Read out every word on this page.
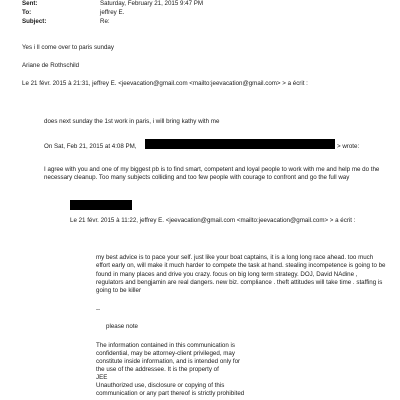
Sent:	Saturday, February 21, 2015 9:47 PM
To:	jeffrey E.
Subject:	Re:
Yes i ll come over to paris sunday
Ariane de Rothschild
Le 21 févr. 2015 à 21:31, jeffrey E. <jeevacation@gmail.com <mailto:jeevacation@gmail.com> > a écrit :
does next sunday the 1st work in paris, i will bring kathy with me
On Sat, Feb 21, 2015 at 4:08 PM,	> wrote:
I agree with you and one of my biggest pb is to find smart, competent and loyal people to work with me and help me do the necessary cleanup. Too many subjects colliding and too few people with courage to confront and go the full way
Le 21 févr. 2015 à 11:22, jeffrey E. <jeevacation@gmail.com <mailto:jeevacation@gmail.com> > a écrit :
my best advice is to pace your self. just like your boat captains, it is a long long race ahead. too much effort early on, will make it much harder to compete the task at hand. stealing incompetence is going to be found in many places and drive you crazy. focus on big long term strategy. DOJ, David NAdine , regulators and bengjamin are real dangers. new biz. compliance . theft attitudes will take time . staffing is going to be killer
--
please note
The information contained in this communication is
confidential, may be attorney-client privileged, may
constitute inside information, and is intended only for
the use of the addressee. It is the property of
JEE
Unauthorized use, disclosure or copying of this
communication or any part thereof is strictly prohibited
